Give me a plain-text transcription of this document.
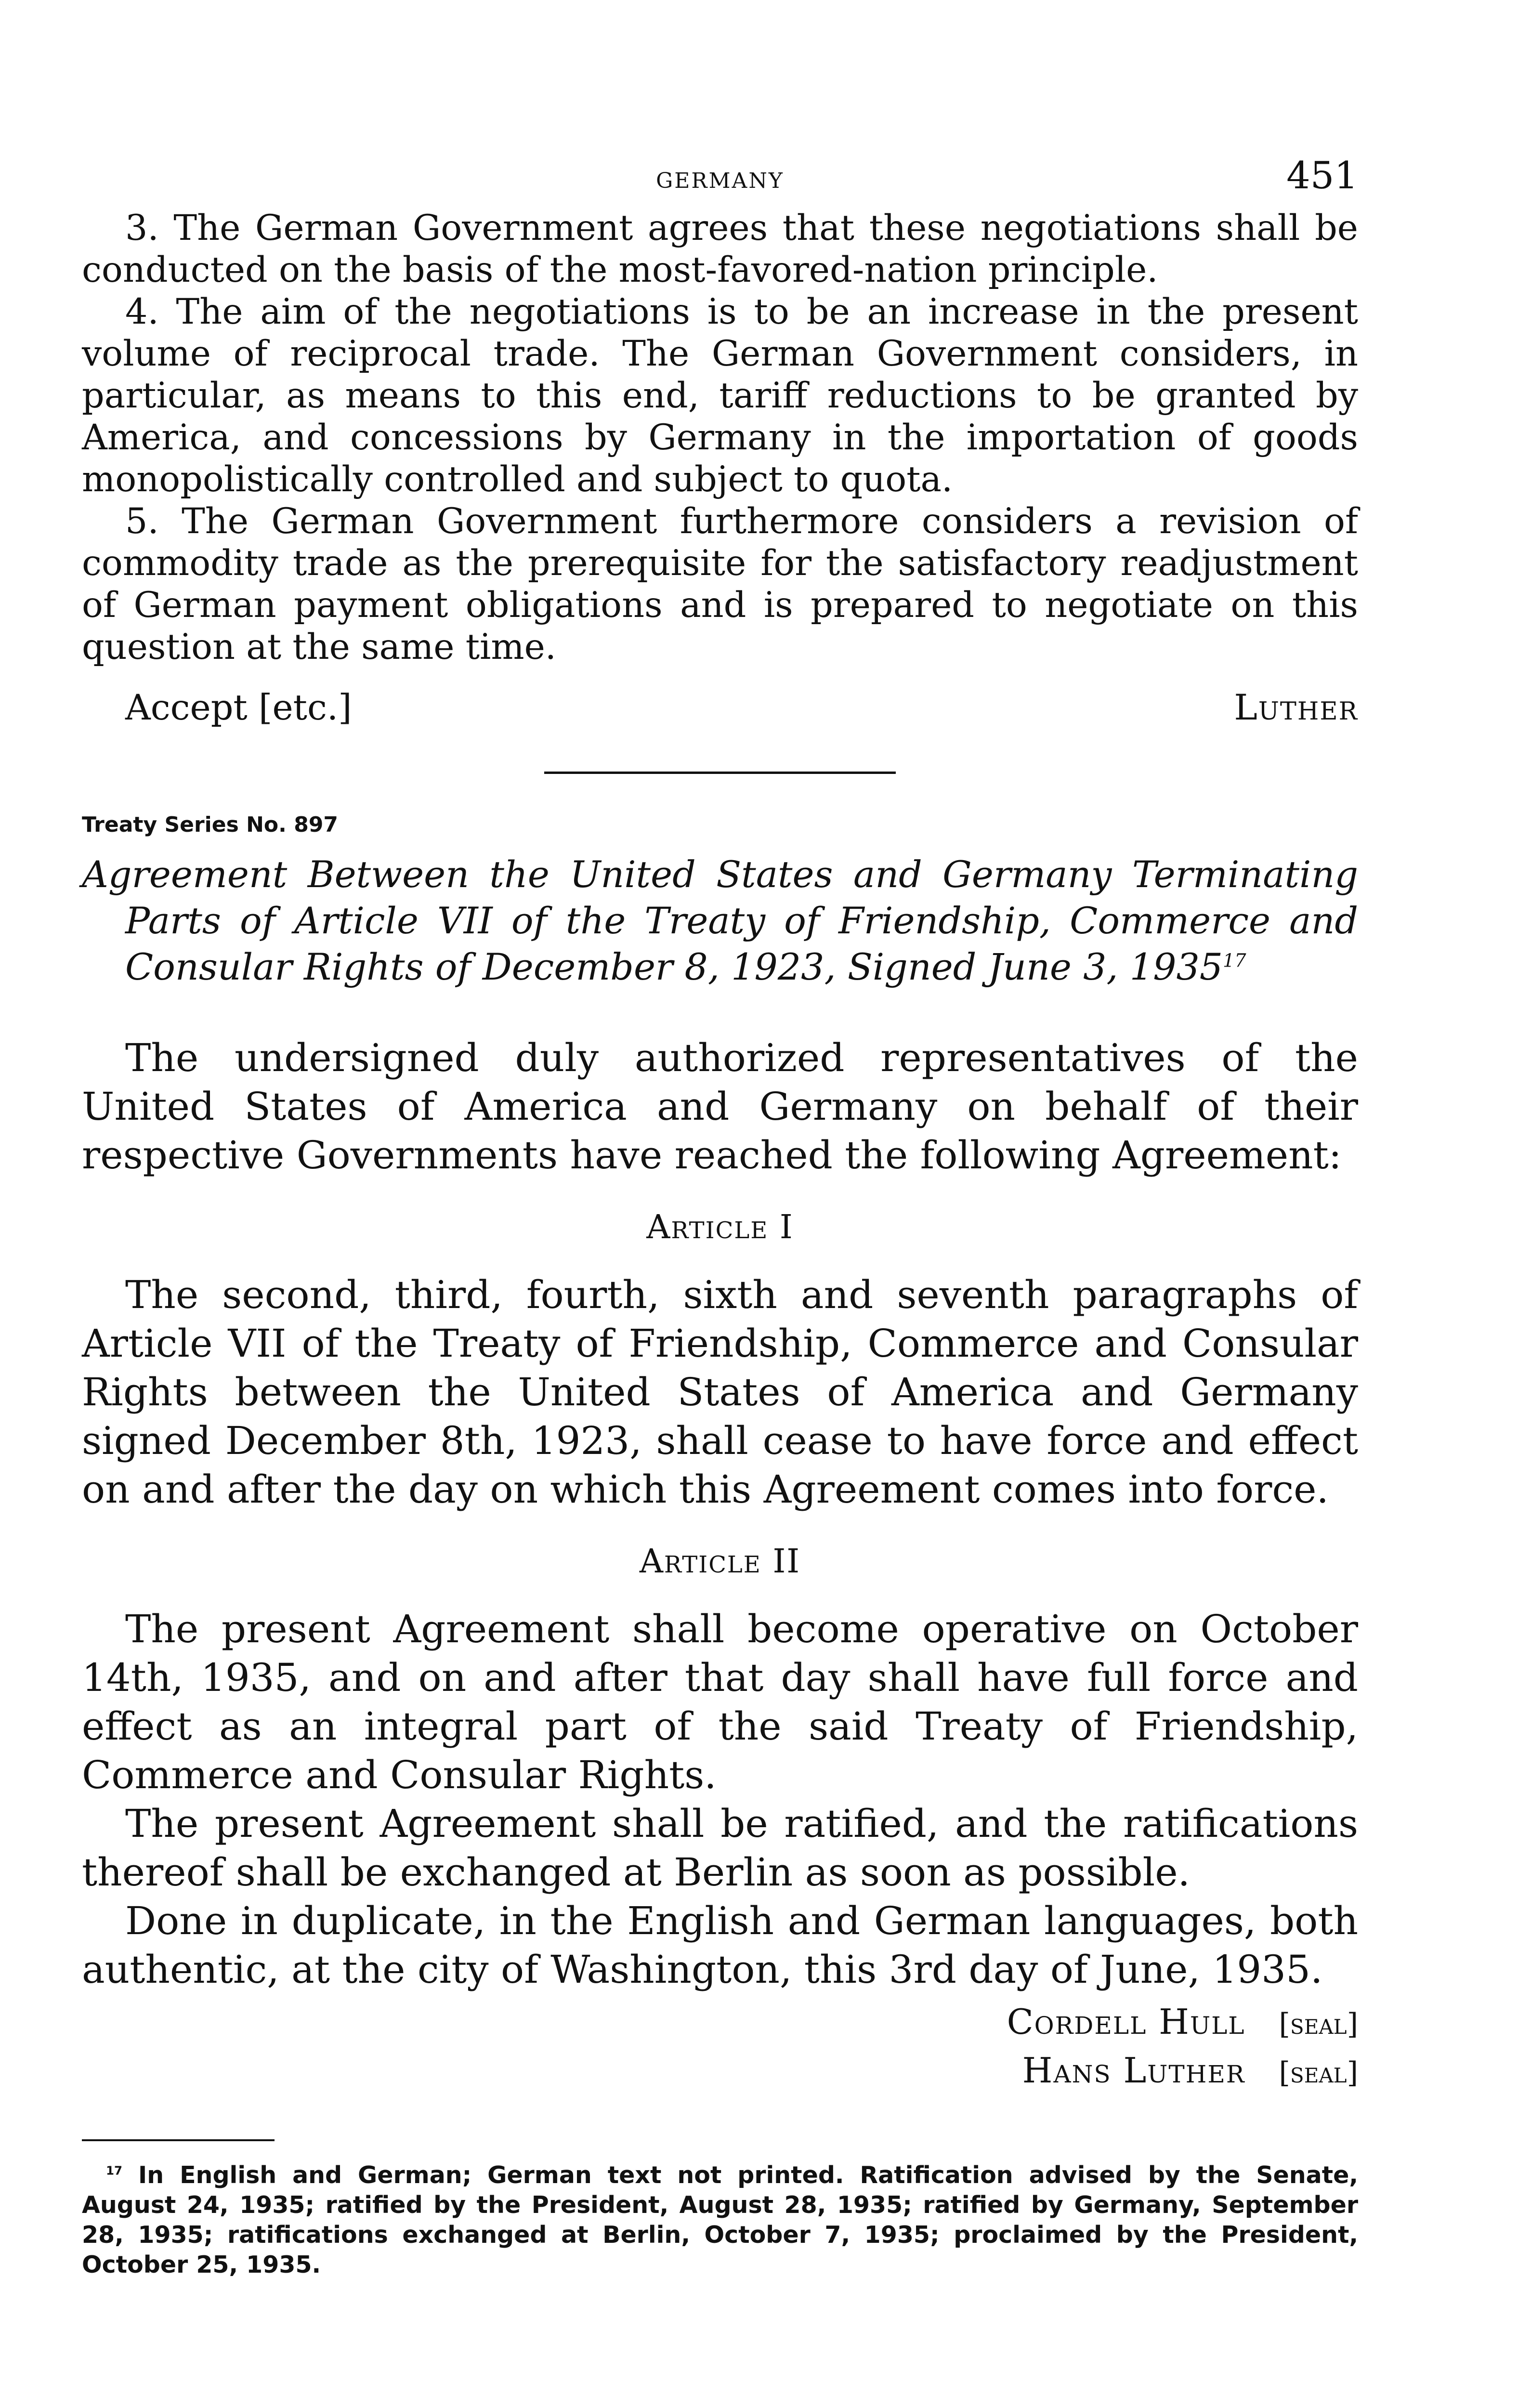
GERMANY	451

3. The German Government agrees that these negotiations shall be conducted on the basis of the most-favored-nation principle.

4. The aim of the negotiations is to be an increase in the present volume of reciprocal trade. The German Government considers, in particular, as means to this end, tariff reductions to be granted by America, and concessions by Germany in the importation of goods monopolistically controlled and subject to quota.

5. The German Government furthermore considers a revision of commodity trade as the prerequisite for the satisfactory readjustment of German payment obligations and is prepared to negotiate on this question at the same time.

Accept [etc.]	Luther
Treaty Series No. 897

Agreement Between the United States and Germany Terminating Parts of Article VII of the Treaty of Friendship, Commerce and Consular Rights of December 8, 1923, Signed June 3, 1935$^{17}$

The undersigned duly authorized representatives of the United States of America and Germany on behalf of their respective Governments have reached the following Agreement:

Article I

The second, third, fourth, sixth and seventh paragraphs of Article VII of the Treaty of Friendship, Commerce and Consular Rights between the United States of America and Germany signed December 8th, 1923, shall cease to have force and effect on and after the day on which this Agreement comes into force.

Article II

The present Agreement shall become operative on October 14th, 1935, and on and after that day shall have full force and effect as an integral part of the said Treaty of Friendship, Commerce and Consular Rights.

The present Agreement shall be ratified, and the ratifications thereof shall be exchanged at Berlin as soon as possible.

Done in duplicate, in the English and German languages, both authentic, at the city of Washington, this 3rd day of June, 1935.

Cordell Hull [seal]
Hans Luther [seal]

$^{17}$ In English and German; German text not printed. Ratification advised by the Senate, August 24, 1935; ratified by the President, August 28, 1935; ratified by Germany, September 28, 1935; ratifications exchanged at Berlin, October 7, 1935; proclaimed by the President, October 25, 1935.
